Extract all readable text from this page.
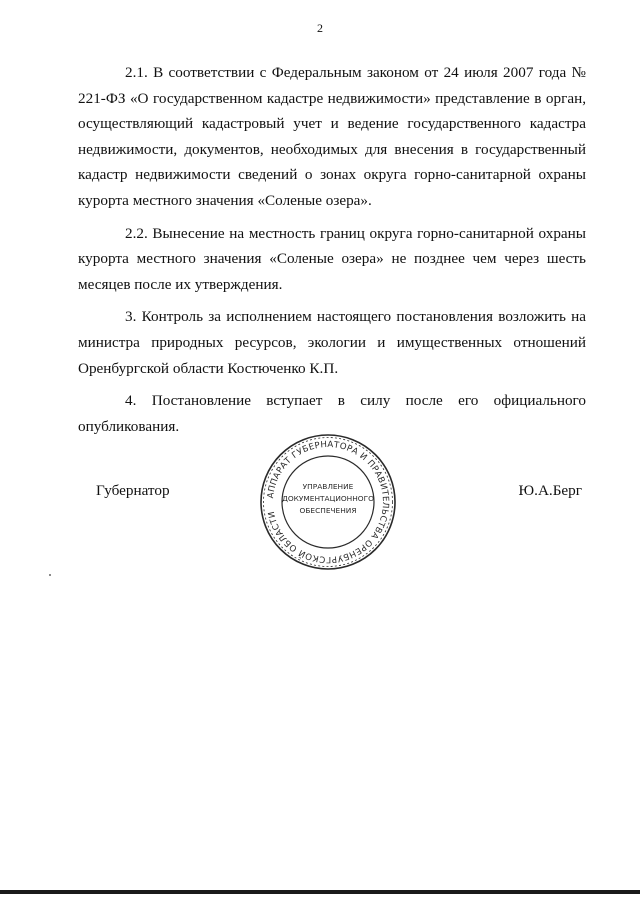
2

2.1. В соответствии с Федеральным законом от 24 июля 2007 года № 221-ФЗ «О государственном кадастре недвижимости» представление в орган, осуществляющий кадастровый учет и ведение государственного кадастра недвижимости, документов, необходимых для внесения в государственный кадастр недвижимости сведений о зонах округа горно-санитарной охраны курорта местного значения «Соленые озера».

2.2. Вынесение на местность границ округа горно-санитарной охраны курорта местного значения «Соленые озера» не позднее чем через шесть месяцев после их утверждения.

3. Контроль за исполнением настоящего постановления возложить на министра природных ресурсов, экологии и имущественных отношений Оренбургской области Костюченко К.П.

4. Постановление вступает в силу после его официального опубликования.

Губернатор	АППАРАТ ГУБЕРНАТОРА И ПРАВИТЕЛЬСТВА ОРЕНБУРГСКОЙ ОБЛАСТИ
УПРАВЛЕНИЕ
ДОКУМЕНТАЦИОННОГО
ОБЕСПЕЧЕНИЯ
Ю.А.Берг
